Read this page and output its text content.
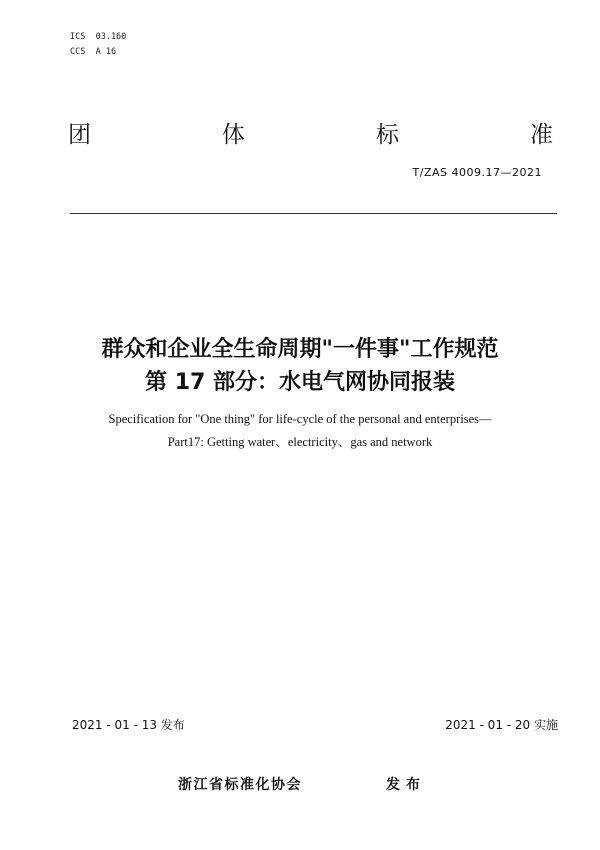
ICS  03.160
CCS  A 16
团	体	标	准
T/ZAS 4009.17—2021
群众和企业全生命周期"一件事"工作规范
第 17 部分：水电气网协同报装
Specification for "One thing" for life-cycle of the personal and enterprises—
Part17: Getting water、electricity、gas and network
2021 - 01 - 13 发布	2021 - 01 - 20 实施
浙江省标准化协会	发布
